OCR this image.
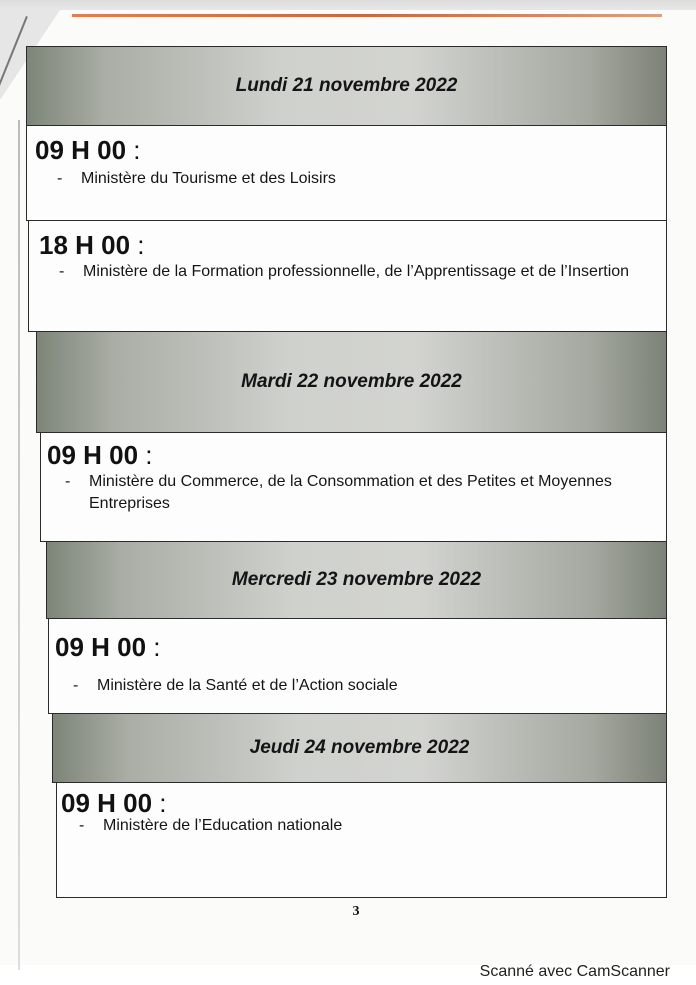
Lundi 21 novembre 2022
09 H 00 :
-	Ministère du Tourisme et des Loisirs
18 H 00 :
-	Ministère de la Formation professionnelle, de l’Apprentissage et de l’Insertion
Mardi 22 novembre 2022
09 H 00 :
-	Ministère du Commerce, de la Consommation et des Petites et Moyennes Entreprises
Mercredi 23 novembre 2022
09 H 00 :
-	Ministère de la Santé et de l’Action sociale
Jeudi 24 novembre 2022
09 H 00 :
-	Ministère de l’Education nationale
3
Scanné avec CamScanner
